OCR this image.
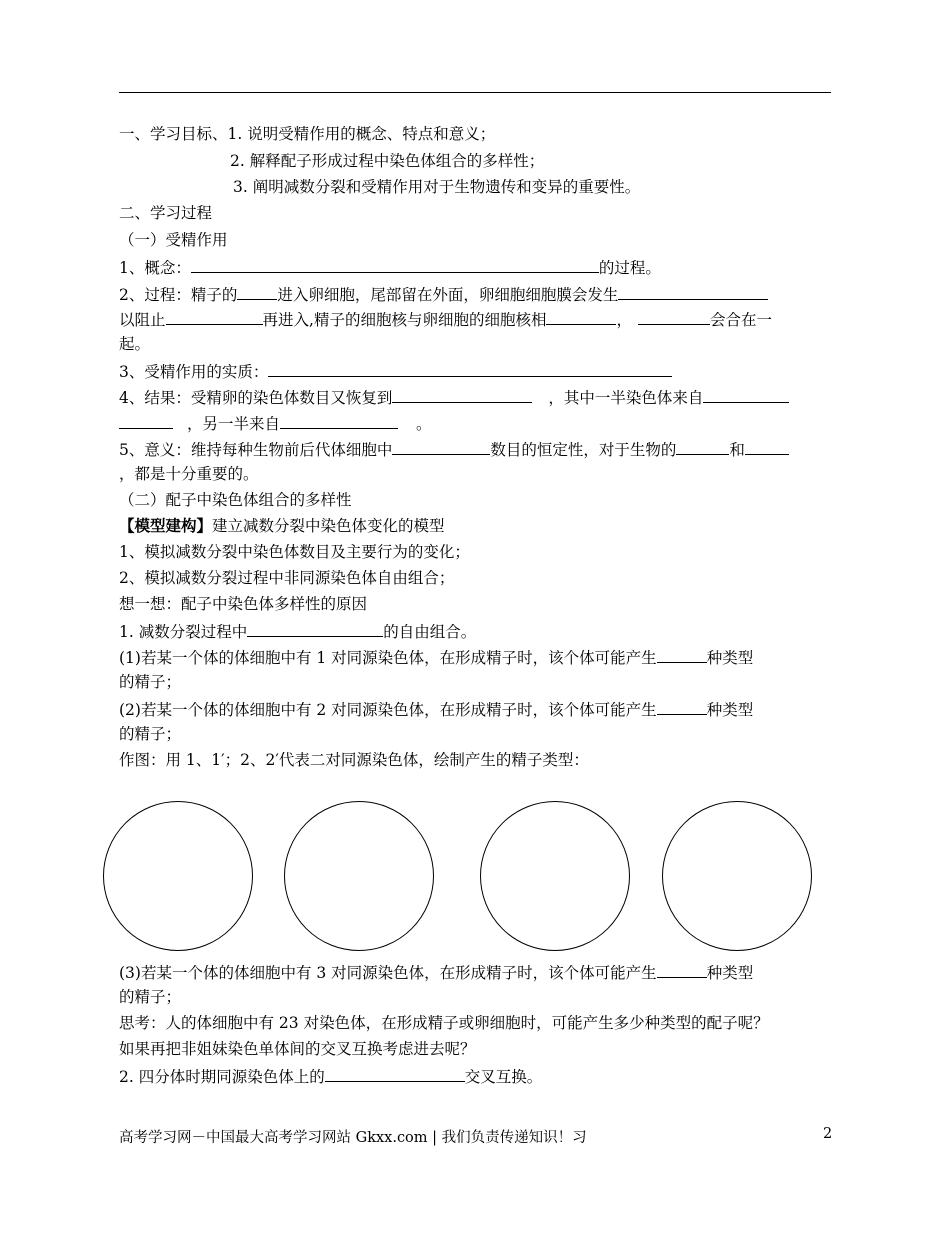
一、学习目标、1. 说明受精作用的概念、特点和意义；
2. 解释配子形成过程中染色体组合的多样性；
3. 阐明减数分裂和受精作用对于生物遗传和变异的重要性。
二、学习过程
（一）受精作用
1、概念：	的过程。
2、过程：精子的	进入卵细胞，尾部留在外面，卵细胞细胞膜会发生
以阻止	再进入,精子的细胞核与卵细胞的细胞核相	，	会合在一
起。
3、受精作用的实质：
4、结果：受精卵的染色体数目又恢复到	，其中一半染色体来自
，另一半来自	。
5、意义：维持每种生物前后代体细胞中	数目的恒定性，对于生物的	和
，都是十分重要的。
（二）配子中染色体组合的多样性
【模型建构】建立减数分裂中染色体变化的模型
1、模拟减数分裂中染色体数目及主要行为的变化；
2、模拟减数分裂过程中非同源染色体自由组合；
想一想：配子中染色体多样性的原因
1. 减数分裂过程中	的自由组合。
(1)若某一个体的体细胞中有 1 对同源染色体，在形成精子时，该个体可能产生	种类型
的精子；
(2)若某一个体的体细胞中有 2 对同源染色体，在形成精子时，该个体可能产生	种类型
的精子；
作图：用 1、1′；2、2′代表二对同源染色体，绘制产生的精子类型：
(3)若某一个体的体细胞中有 3 对同源染色体，在形成精子时，该个体可能产生	种类型
的精子；
思考：人的体细胞中有 23 对染色体，在形成精子或卵细胞时，可能产生多少种类型的配子呢？
如果再把非姐妹染色单体间的交叉互换考虑进去呢？
2. 四分体时期同源染色体上的	交叉互换。
高考学习网－中国最大高考学习网站 Gkxx.com | 我们负责传递知识！习	2
